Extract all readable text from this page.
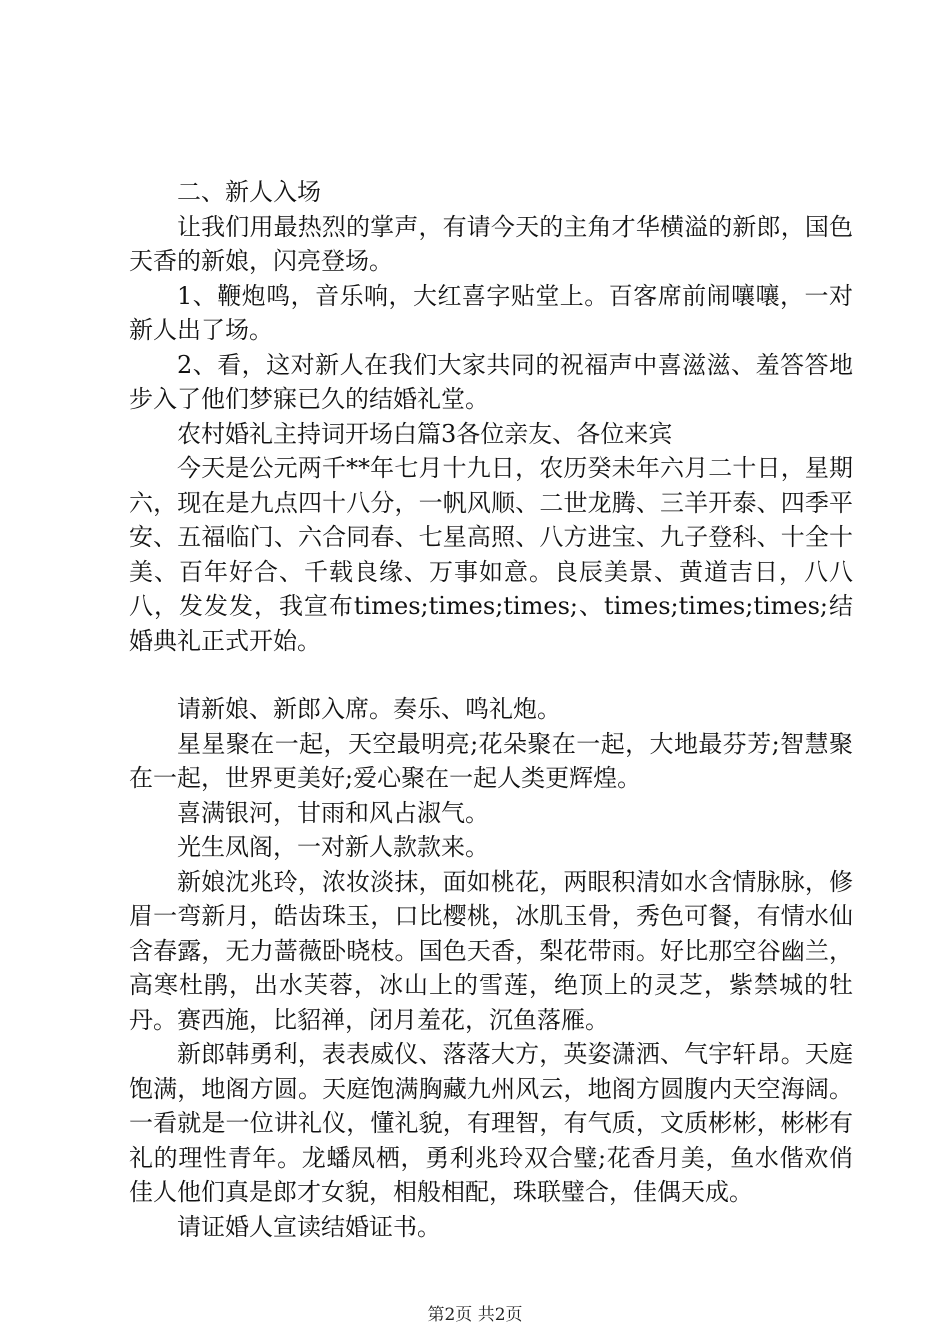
二、新人入场

让我们用最热烈的掌声，有请今天的主角才华横溢的新郎，国色天香的新娘，闪亮登场。

1、鞭炮鸣，音乐响，大红喜字贴堂上。百客席前闹嚷嚷，一对新人出了场。

2、看，这对新人在我们大家共同的祝福声中喜滋滋、羞答答地步入了他们梦寐已久的结婚礼堂。

农村婚礼主持词开场白篇3各位亲友、各位来宾

今天是公元两千**年七月十九日，农历癸未年六月二十日，星期六，现在是九点四十八分，一帆风顺、二世龙腾、三羊开泰、四季平安、五福临门、六合同春、七星高照、八方进宝、九子登科、十全十美、百年好合、千载良缘、万事如意。良辰美景、黄道吉日，八八八，发发发，我宣布times;times;times;、times;times;times;结婚典礼正式开始。

请新娘、新郎入席。奏乐、鸣礼炮。

星星聚在一起，天空最明亮;花朵聚在一起，大地最芬芳;智慧聚在一起，世界更美好;爱心聚在一起人类更辉煌。

喜满银河，甘雨和风占淑气。

光生凤阁，一对新人款款来。

新娘沈兆玲，浓妆淡抹，面如桃花，两眼积清如水含情脉脉，修眉一弯新月，皓齿珠玉，口比樱桃，冰肌玉骨，秀色可餐，有情水仙含春露，无力蔷薇卧晓枝。国色天香，梨花带雨。好比那空谷幽兰，高寒杜鹃，出水芙蓉，冰山上的雪莲，绝顶上的灵芝，紫禁城的牡丹。赛西施，比貂禅，闭月羞花，沉鱼落雁。

新郎韩勇利，表表威仪、落落大方，英姿潇洒、气宇轩昂。天庭饱满，地阁方圆。天庭饱满胸藏九州风云，地阁方圆腹内天空海阔。一看就是一位讲礼仪，懂礼貌，有理智，有气质，文质彬彬，彬彬有礼的理性青年。龙蟠凤栖，勇利兆玲双合璧;花香月美，鱼水偕欢俏佳人他们真是郎才女貌，相般相配，珠联璧合，佳偶天成。

请证婚人宣读结婚证书。

第2页 共2页
